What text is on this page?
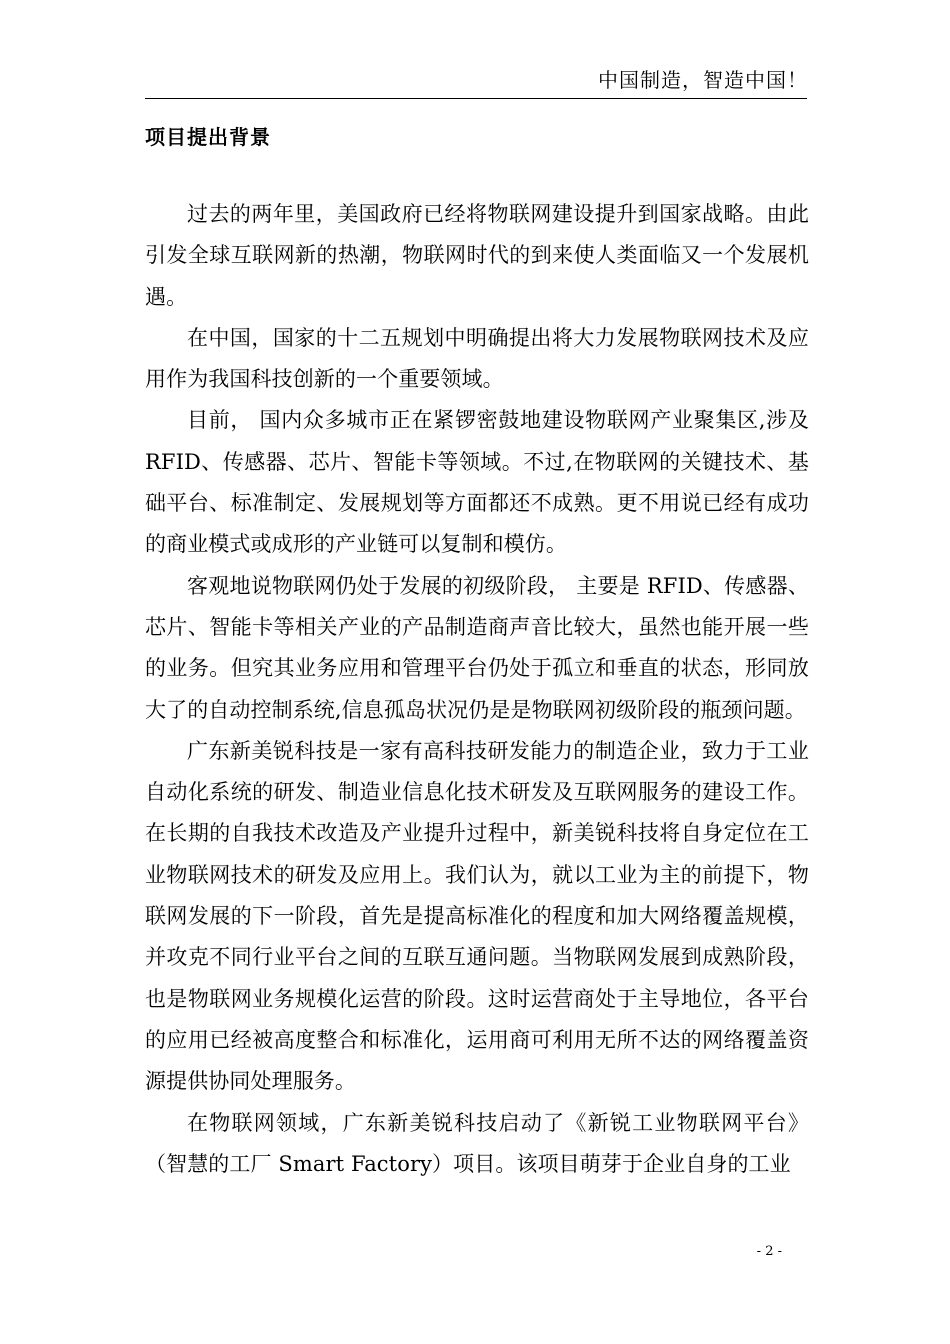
中国制造，智造中国！
项目提出背景

过去的两年里，美国政府已经将物联网建设提升到国家战略。由此引发全球互联网新的热潮，物联网时代的到来使人类面临又一个发展机遇。

在中国，国家的十二五规划中明确提出将大力发展物联网技术及应用作为我国科技创新的一个重要领域。

目前， 国内众多城市正在紧锣密鼓地建设物联网产业聚集区,涉及 RFID、传感器、芯片、智能卡等领域。不过,在物联网的关键技术、基础平台、标准制定、发展规划等方面都还不成熟。更不用说已经有成功的商业模式或成形的产业链可以复制和模仿。

客观地说物联网仍处于发展的初级阶段， 主要是 RFID、传感器、芯片、智能卡等相关产业的产品制造商声音比较大，虽然也能开展一些的业务。但究其业务应用和管理平台仍处于孤立和垂直的状态，形同放大了的自动控制系统,信息孤岛状况仍是是物联网初级阶段的瓶颈问题。

广东新美锐科技是一家有高科技研发能力的制造企业，致力于工业自动化系统的研发、制造业信息化技术研发及互联网服务的建设工作。在长期的自我技术改造及产业提升过程中，新美锐科技将自身定位在工业物联网技术的研发及应用上。我们认为，就以工业为主的前提下，物联网发展的下一阶段，首先是提高标准化的程度和加大网络覆盖规模，并攻克不同行业平台之间的互联互通问题。当物联网发展到成熟阶段，也是物联网业务规模化运营的阶段。这时运营商处于主导地位，各平台的应用已经被高度整合和标准化，运用商可利用无所不达的网络覆盖资源提供协同处理服务。

在物联网领域，广东新美锐科技启动了《新锐工业物联网平台》（智慧的工厂 Smart Factory）项目。该项目萌芽于企业自身的工业

- 2 -
